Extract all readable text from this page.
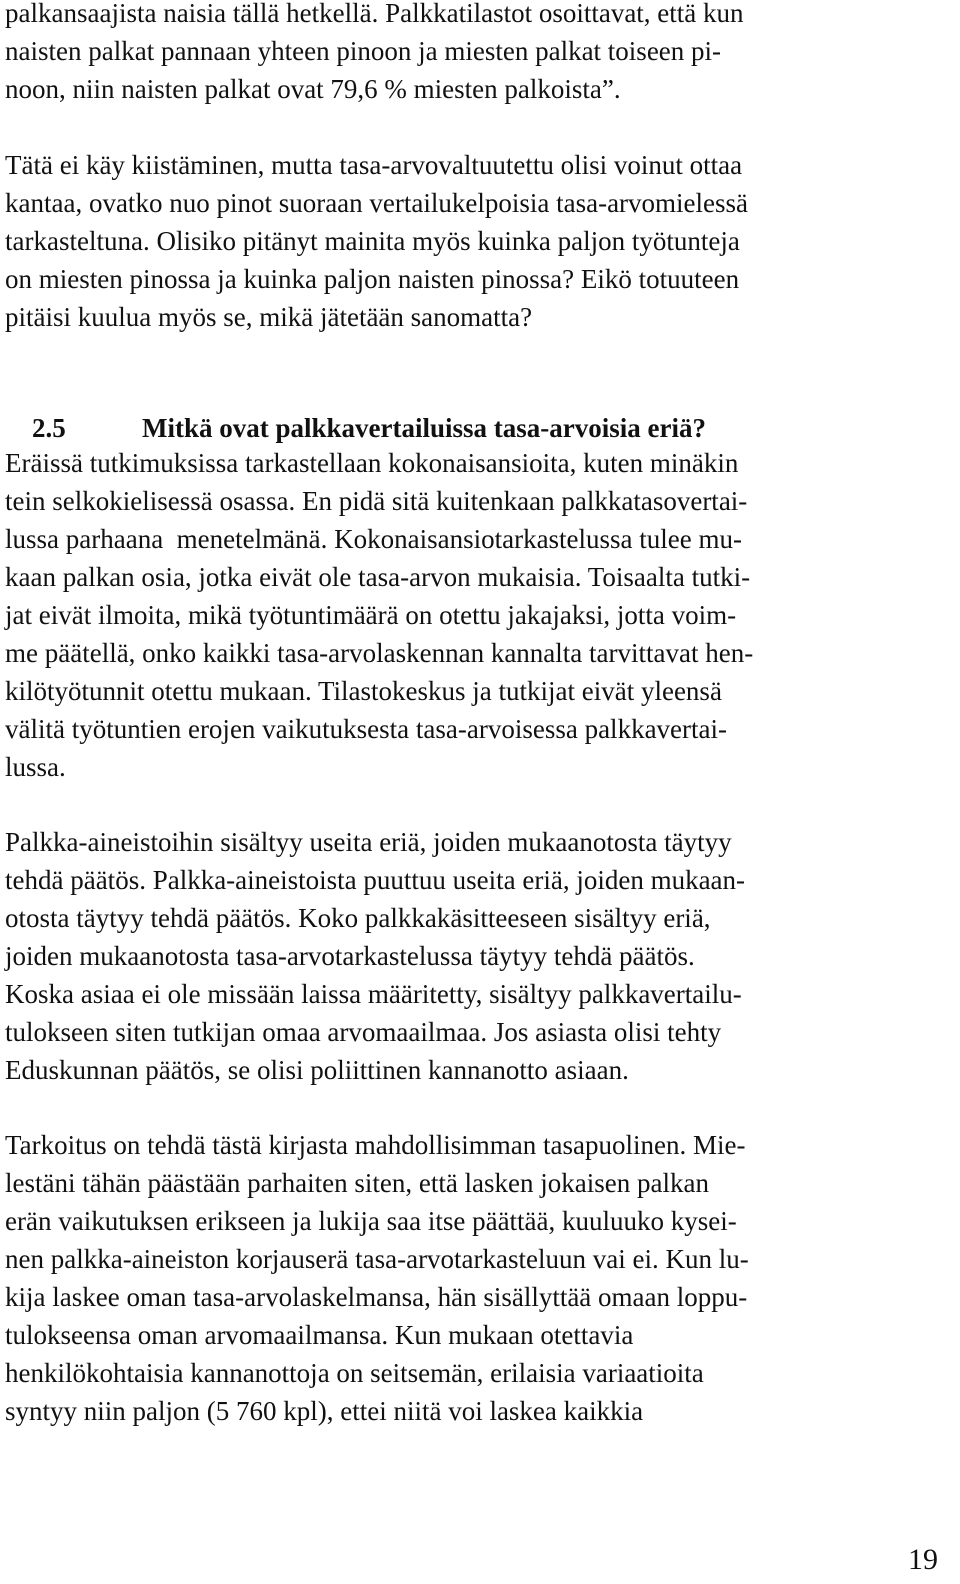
palkansaajista naisia tällä hetkellä. Palkkatilastot osoittavat, että kun
naisten palkat pannaan yhteen pinoon ja miesten palkat toiseen pi-
noon, niin naisten palkat ovat 79,6 % miesten palkoista”.
Tätä ei käy kiistäminen, mutta tasa-arvovaltuutettu olisi voinut ottaa
kantaa, ovatko nuo pinot suoraan vertailukelpoisia tasa-arvomielessä
tarkasteltuna. Olisiko pitänyt mainita myös kuinka paljon työtunteja
on miesten pinossa ja kuinka paljon naisten pinossa? Eikö totuuteen
pitäisi kuulua myös se, mikä jätetään sanomatta?

2.5	Mitkä ovat palkkavertailuissa tasa-arvoisia eriä?

Eräissä tutkimuksissa tarkastellaan kokonaisansioita, kuten minäkin
tein selkokielisessä osassa. En pidä sitä kuitenkaan palkkatasovertai-
lussa parhaana  menetelmänä. Kokonaisansiotarkastelussa tulee mu-
kaan palkan osia, jotka eivät ole tasa-arvon mukaisia. Toisaalta tutki-
jat eivät ilmoita, mikä työtuntimäärä on otettu jakajaksi, jotta voim-
me päätellä, onko kaikki tasa-arvolaskennan kannalta tarvittavat hen-
kilötyötunnit otettu mukaan. Tilastokeskus ja tutkijat eivät yleensä
välitä työtuntien erojen vaikutuksesta tasa-arvoisessa palkkavertai-
lussa.
Palkka-aineistoihin sisältyy useita eriä, joiden mukaanotosta täytyy
tehdä päätös. Palkka-aineistoista puuttuu useita eriä, joiden mukaan-
otosta täytyy tehdä päätös. Koko palkkakäsitteeseen sisältyy eriä,
joiden mukaanotosta tasa-arvotarkastelussa täytyy tehdä päätös.
Koska asiaa ei ole missään laissa määritetty, sisältyy palkkavertailu-
tulokseen siten tutkijan omaa arvomaailmaa. Jos asiasta olisi tehty
Eduskunnan päätös, se olisi poliittinen kannanotto asiaan.
Tarkoitus on tehdä tästä kirjasta mahdollisimman tasapuolinen. Mie-
lestäni tähän päästään parhaiten siten, että lasken jokaisen palkan
erän vaikutuksen erikseen ja lukija saa itse päättää, kuuluuko kysei-
nen palkka-aineiston korjauserä tasa-arvotarkasteluun vai ei. Kun lu-
kija laskee oman tasa-arvolaskelmansa, hän sisällyttää omaan loppu-
tulokseensa oman arvomaailmansa. Kun mukaan otettavia
henkilökohtaisia kannanottoja on seitsemän, erilaisia variaatioita
syntyy niin paljon (5 760 kpl), ettei niitä voi laskea kaikkia
19
